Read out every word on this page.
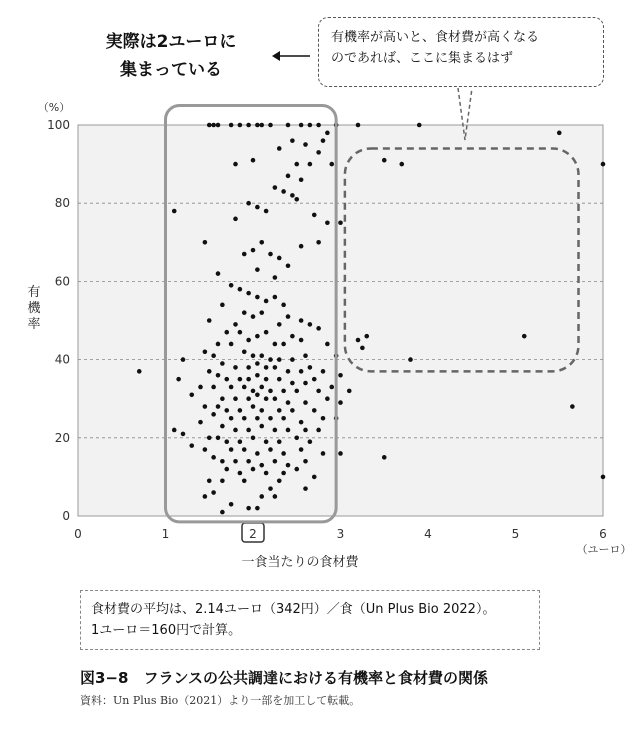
0
20
40
60
80
100
0	1	2	3	4	5	6
一食当たりの食材費
（ユーロ）
（%）
有
機
率
実際は2ユーロに
集まっている
有機率が高いと、食材費が高くなる
のであれば、ここに集まるはず
食材費の平均は、2.14ユーロ（342円）／食（Un Plus Bio 2022）。
1ユーロ＝160円で計算。
図3−8　フランスの公共調達における有機率と食材費の関係
資料：Un Plus Bio（2021）より一部を加工して転載。
